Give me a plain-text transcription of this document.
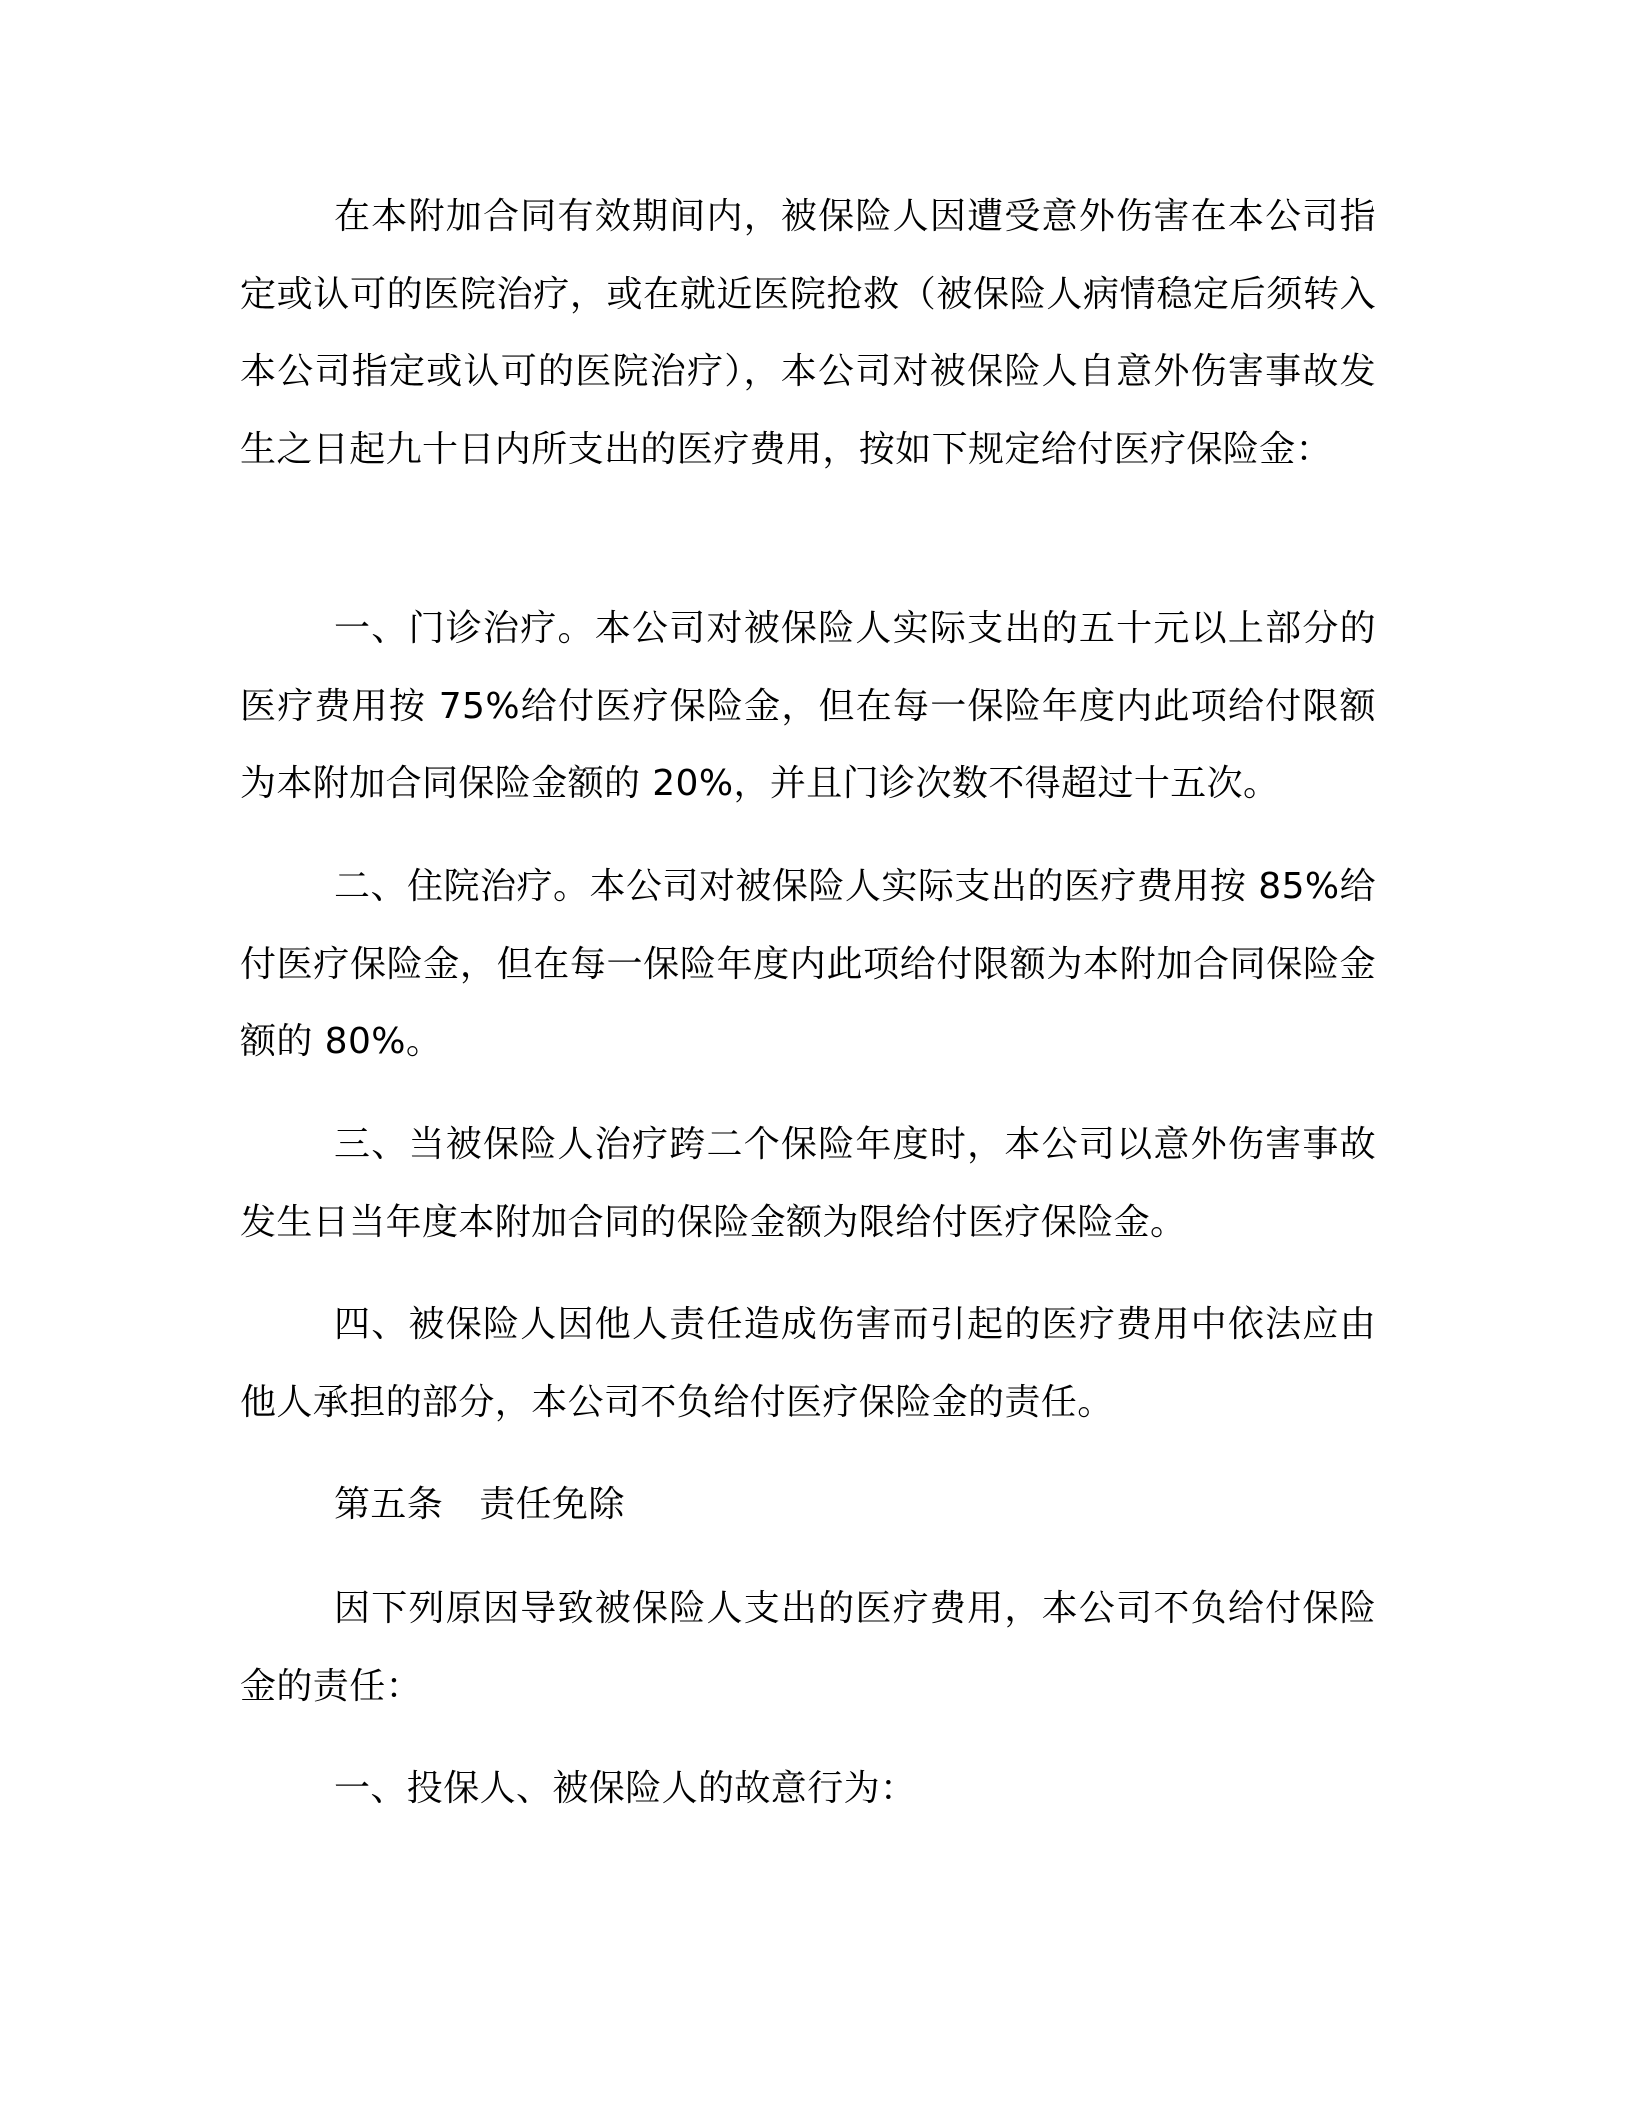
在本附加合同有效期间内，被保险人因遭受意外伤害在本公司指定或认可的医院治疗，或在就近医院抢救（被保险人病情稳定后须转入本公司指定或认可的医院治疗），本公司对被保险人自意外伤害事故发生之日起九十日内所支出的医疗费用，按如下规定给付医疗保险金：

一、门诊治疗。本公司对被保险人实际支出的五十元以上部分的医疗费用按 75%给付医疗保险金，但在每一保险年度内此项给付限额为本附加合同保险金额的 20%，并且门诊次数不得超过十五次。

二、住院治疗。本公司对被保险人实际支出的医疗费用按 85%给付医疗保险金，但在每一保险年度内此项给付限额为本附加合同保险金额的 80%。

三、当被保险人治疗跨二个保险年度时，本公司以意外伤害事故发生日当年度本附加合同的保险金额为限给付医疗保险金。

四、被保险人因他人责任造成伤害而引起的医疗费用中依法应由他人承担的部分，本公司不负给付医疗保险金的责任。

第五条 责任免除

因下列原因导致被保险人支出的医疗费用，本公司不负给付保险金的责任：

一、投保人、被保险人的故意行为：
